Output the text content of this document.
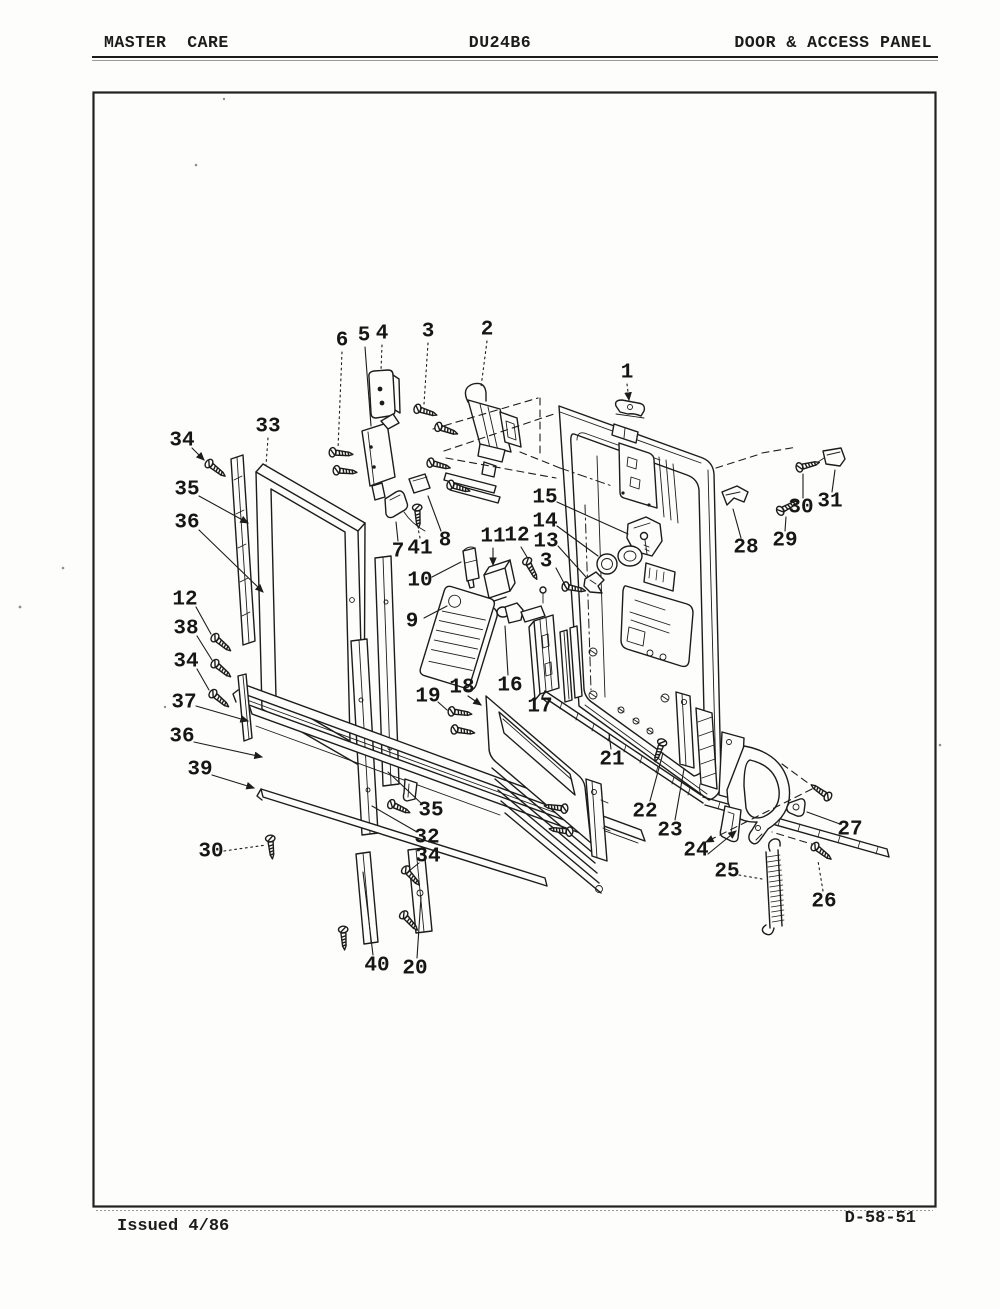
MASTER  CARE	DU24B6	DOOR & ACCESS PANEL
Issued 4/86	D-58-51
6 5 4 3 2
1
28 29
30 31
34
33
35
36
12
38
34
37
36
39
30
7 41 8
10
9
11
12
15
14
13
3
16
17
18
19
35
32
34
40 20
21
22
23
24
25
26
27
